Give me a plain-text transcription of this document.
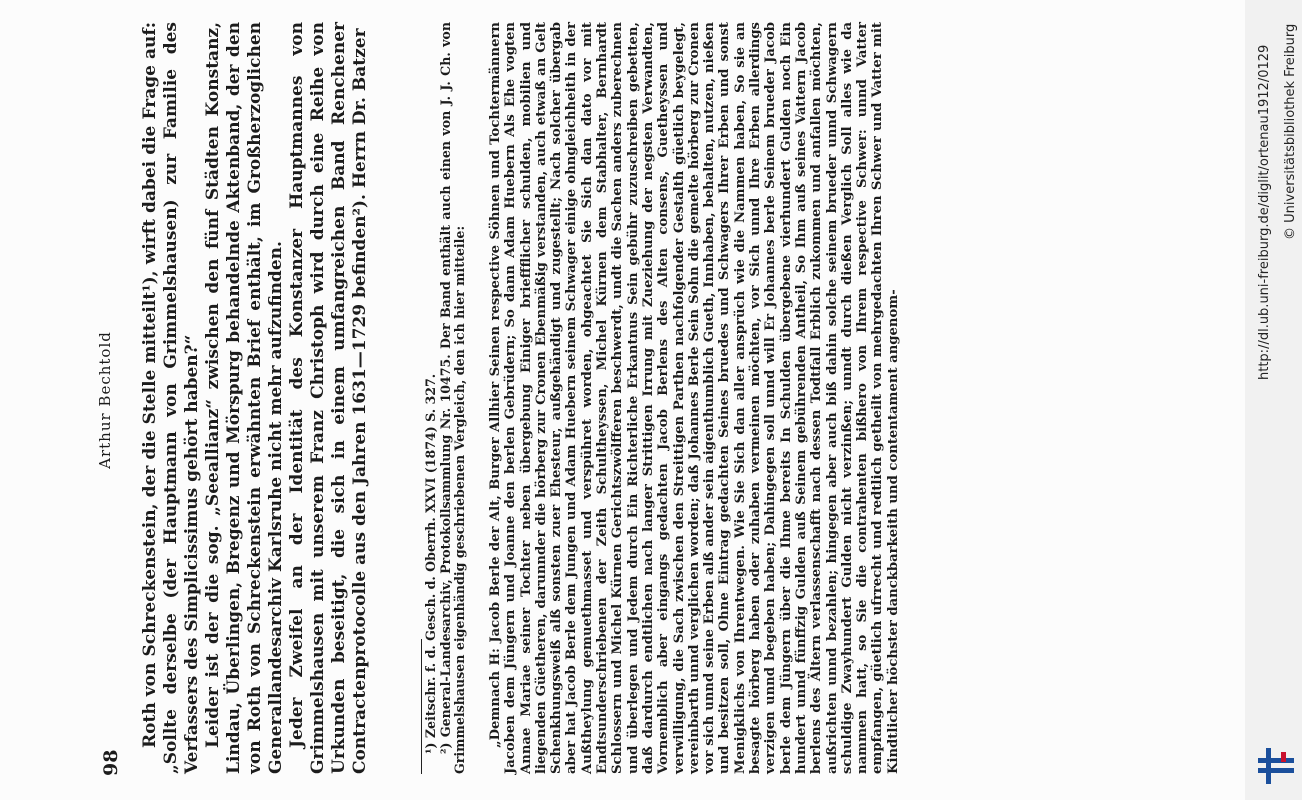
98
Arthur Bechtold Roth von Schreckenstein, der die Stelle mitteilt¹), wirft dabei die Frage auf: „Sollte derselbe (der Hauptmann von Grimmelshausen) zur Familie des Verfassers des Simplicissimus gehört haben?“ Leider ist der die sog. „Seeallianz“ zwischen den fünf Städten Konstanz, Lindau, Überlingen, Bregenz und Mörspurg behandelnde Aktenband, der den von Roth von Schreckenstein erwähnten Brief enthält, im Großherzoglichen Generallandesarchiv Karlsruhe nicht mehr aufzufinden. Jeder Zweifel an der Identität des Konstanzer Hauptmannes von Grimmelshausen mit unserem Franz Christoph wird durch eine Reihe von Urkunden beseitigt, die sich in einem umfangreichen Band Renchener Contractenprotocolle aus den Jahren 1631—1729 befinden²). Herrn Dr. Batzer	¹) Zeitschr. f. d. Gesch. d. Oberrh. XXVI (1874) S. 327. ²) General-Landesarchiv, Protokollsammlung Nr. 10475. Der Band enthält auch einen von J. J. Ch. von Grimmelshausen eigenhändig geschriebenen Vergleich, den ich hier mitteile: „Demnach H: Jacob Berle der Alt, Burger Allhier Seinen respective Söhnen und Tochtermännern Jacoben dem Jüngern und Joanne den berlen Gebrüdern; So dann Adam Huebern Als Ehe vogten Annae Mariae seiner Tochter neben übergebung Einiger brieffflicher schulden, mobilien und liegenden Güetheren, darunnder die hörberg zur Cronen Ebenmäßig verstanden, auch etwaß an Gelt Schenkhungsweiß alß sonsten zuer Ehesteur, außgehändigt und zugestellt; Nach solcher übergab aber hat Jacob Berle dem Jungen und Adam Huebern seinem Schwager einige ohngleichheith in der Außtheylung gemuethmasset und verspühret worden, ohgeachtet Sie Sich dan dato vor mit Endtsunderschriebenen der Zeith Schultheyssen, Michel Kürnen dem Stabhalter, Bernhardt Schlossern und Michel Kürnen Gerichtszwölfferen beschwerdt, undt die Sachen anders zuberechnen und überlegen und Jedem durch Ein Richterliche Erkantnus Sein gebühr zuzuschreiben gebetten, daß dardurch endtlichen nach langer Strittigen Irrung mit Zueziehung der negsten Verwandten, Vornemblich aber eingangs gedachten Jacob Berlens des Alten consens, Guetheyssen und verwilligung, die Sach zwischen den Streittigen Parthen nachfolgender Gestalth güetlich beygelegt, vereinbarth unnd verglichen worden; daß Johannes Berle Sein Sohn die gemelte hörberg zur Cronen vor sich unnd seine Erben alß ander sein aigenthumblich Gueth, Innhaben, behalten, nutzen, nießen und besitzen soll, Ohne Eintrag gedachten Seines bruedes und Schwagers Ihrer Erben und sonst Menigklichs von Ihrentwegen. Wie Sie Sich dan aller ansprüch wie die Nammen haben, So sie an besagte hörberg haben oder zuhaben vermeinen möchten, vor Sich unnd Ihre Erben allerdings verzigen unnd begeben haben; Dahingegen soll unnd will Er Johannes berle Seinem brueder Jacob berle dem Jüngern über die Ihme bereits In Schulden übergebene vierhundert Gulden noch Ein hundert unnd fünffzig Gulden auß Seinem gebührenden Antheil, So Ihm auß seines Vattern Jacob berlens des Ältern verlassenschafft nach dessen Todtfall Erblich zukommen und anfallen möchten, außrichten unnd bezahlen; hingegen aber auch biß dahin solche seinem brueder unnd Schwagern schuldige Zwayhundert Gulden nicht verzinßen; unndt durch dießen Verglich Soll alles wie da nammen hatt, so Sie die contrahenten bißhero von Ihrem respective Schwer: unnd Vatter empfangen, güetlich ufrrecht und redtlich getheilt von mehrgedachten Ihren Schwer und Vatter mit Kindtlicher höchster danckbarkeith und contentament angenom-

http://dl.ub.uni-freiburg.de/diglit/ortenau1912/0129 © Universitätsbibliothek Freiburg
